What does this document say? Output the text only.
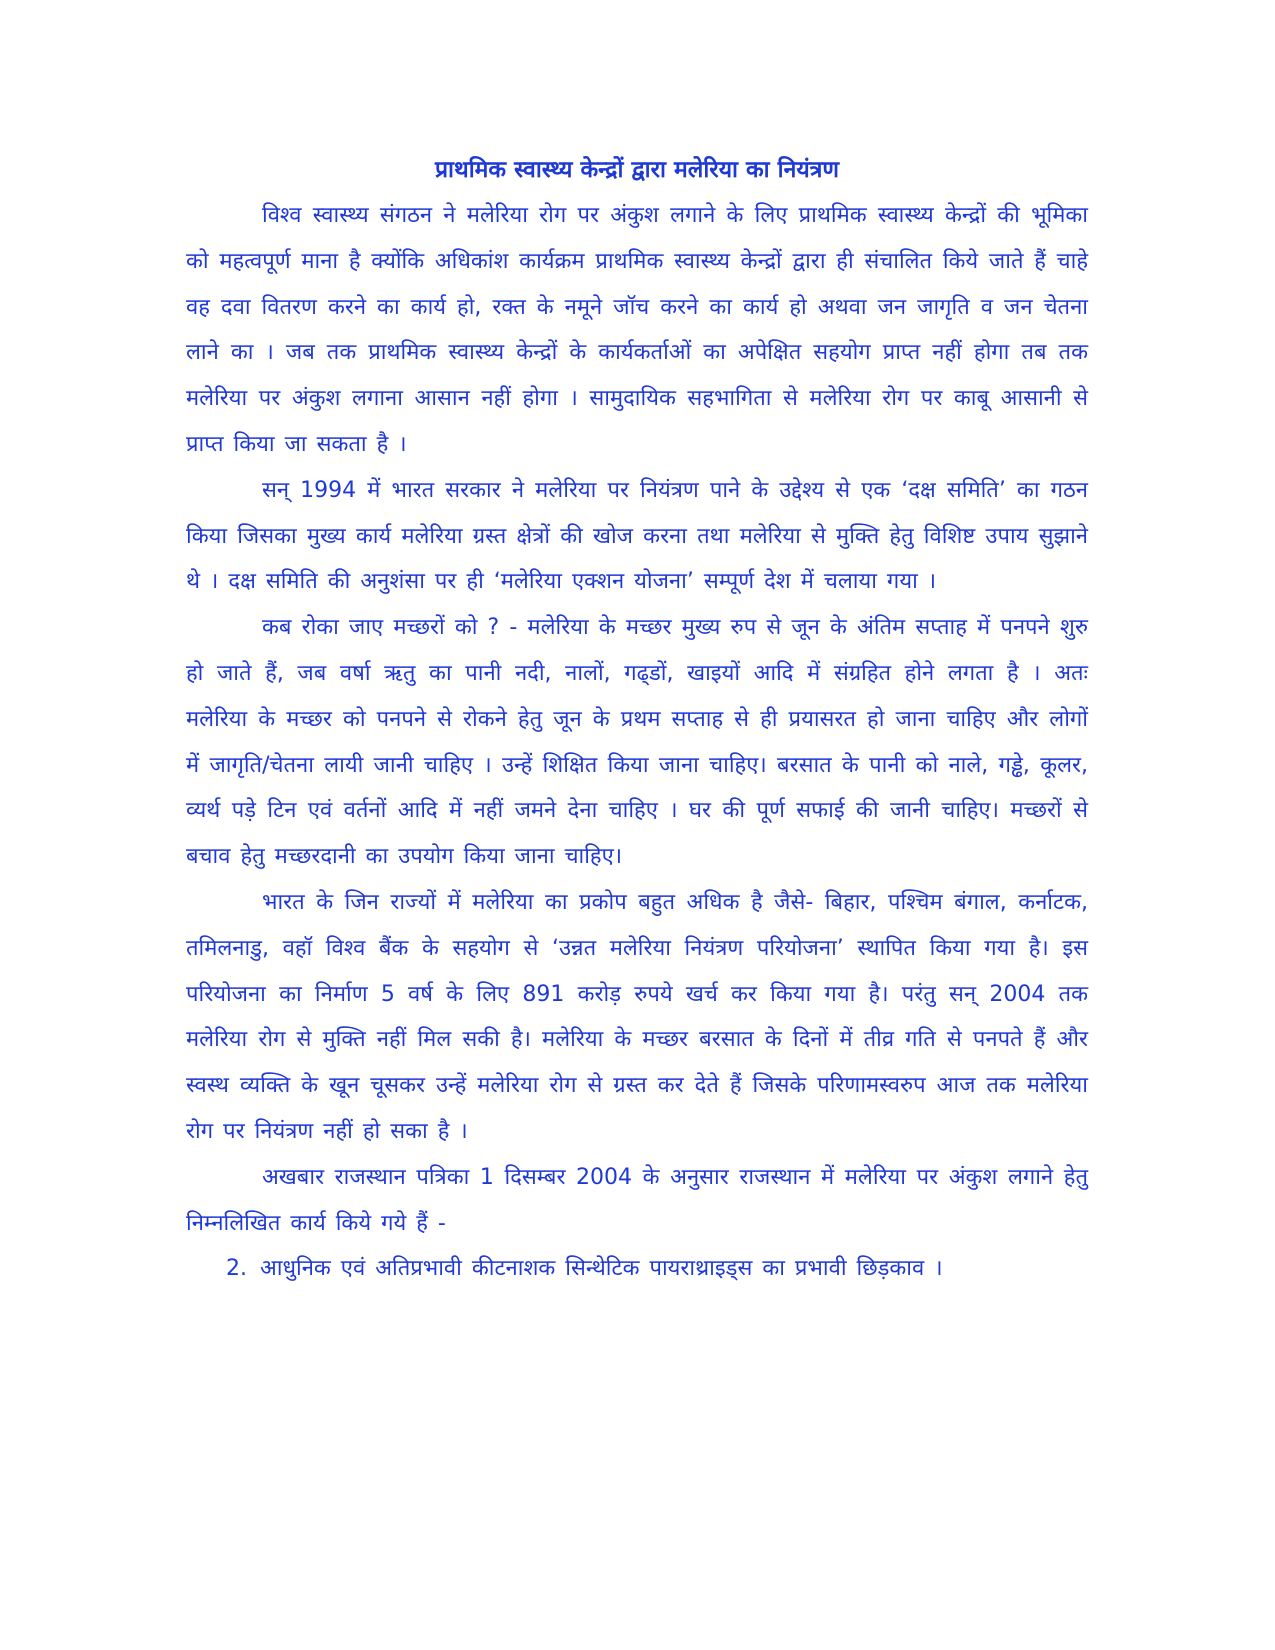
प्राथमिक स्वास्थ्य केन्द्रों द्वारा मलेरिया का नियंत्रण

विश्व स्वास्थ्य संगठन ने मलेरिया रोग पर अंकुश लगाने के लिए प्राथमिक स्वास्थ्य केन्द्रों की भूमिका को महत्वपूर्ण माना है क्योंकि अधिकांश कार्यक्रम प्राथमिक स्वास्थ्य केन्द्रों द्वारा ही संचालित किये जाते हैं चाहे वह दवा वितरण करने का कार्य हो, रक्त के नमूने जॉच करने का कार्य हो अथवा जन जागृति व जन चेतना लाने का । जब तक प्राथमिक स्वास्थ्य केन्द्रों के कार्यकर्ताओं का अपेक्षित सहयोग प्राप्त नहीं होगा तब तक मलेरिया पर अंकुश लगाना आसान नहीं होगा । सामुदायिक सहभागिता से मलेरिया रोग पर काबू आसानी से प्राप्त किया जा सकता है ।

सन् 1994 में भारत सरकार ने मलेरिया पर नियंत्रण पाने के उद्देश्य से एक ‘दक्ष समिति’ का गठन किया जिसका मुख्य कार्य मलेरिया ग्रस्त क्षेत्रों की खोज करना तथा मलेरिया से मुक्ति हेतु विशिष्ट उपाय सुझाने थे । दक्ष समिति की अनुशंसा पर ही ‘मलेरिया एक्शन योजना’ सम्पूर्ण देश में चलाया गया ।

कब रोका जाए मच्छरों को ? - मलेरिया के मच्छर मुख्य रुप से जून के अंतिम सप्ताह में पनपने शुरु हो जाते हैं, जब वर्षा ऋतु का पानी नदी, नालों, गढ्डों, खाइयों आदि में संग्रहित होने लगता है । अतः मलेरिया के मच्छर को पनपने से रोकने हेतु जून के प्रथम सप्ताह से ही प्रयासरत हो जाना चाहिए और लोगों में जागृति/चेतना लायी जानी चाहिए । उन्हें शिक्षित किया जाना चाहिए। बरसात के पानी को नाले, गड्ढे, कूलर, व्यर्थ पड़े टिन एवं वर्तनों आदि में नहीं जमने देना चाहिए । घर की पूर्ण सफाई की जानी चाहिए। मच्छरों से बचाव हेतु मच्छरदानी का उपयोग किया जाना चाहिए।

भारत के जिन राज्यों में मलेरिया का प्रकोप बहुत अधिक है जैसे- बिहार, पश्चिम बंगाल, कर्नाटक, तमिलनाडु, वहॉ विश्व बैंक के सहयोग से ‘उन्नत मलेरिया नियंत्रण परियोजना’ स्थापित किया गया है। इस परियोजना का निर्माण 5 वर्ष के लिए 891 करोड़ रुपये खर्च कर किया गया है। परंतु सन् 2004 तक मलेरिया रोग से मुक्ति नहीं मिल सकी है। मलेरिया के मच्छर बरसात के दिनों में तीव्र गति से पनपते हैं और स्वस्थ व्यक्ति के खून चूसकर उन्हें मलेरिया रोग से ग्रस्त कर देते हैं जिसके परिणामस्वरुप आज तक मलेरिया रोग पर नियंत्रण नहीं हो सका है ।

अखबार राजस्थान पत्रिका 1 दिसम्बर 2004 के अनुसार राजस्थान में मलेरिया पर अंकुश लगाने हेतु निम्नलिखित कार्य किये गये हैं -

2. आधुनिक एवं अतिप्रभावी कीटनाशक सिन्थेटिक पायराथ्राइड्स का प्रभावी छिड़काव ।
